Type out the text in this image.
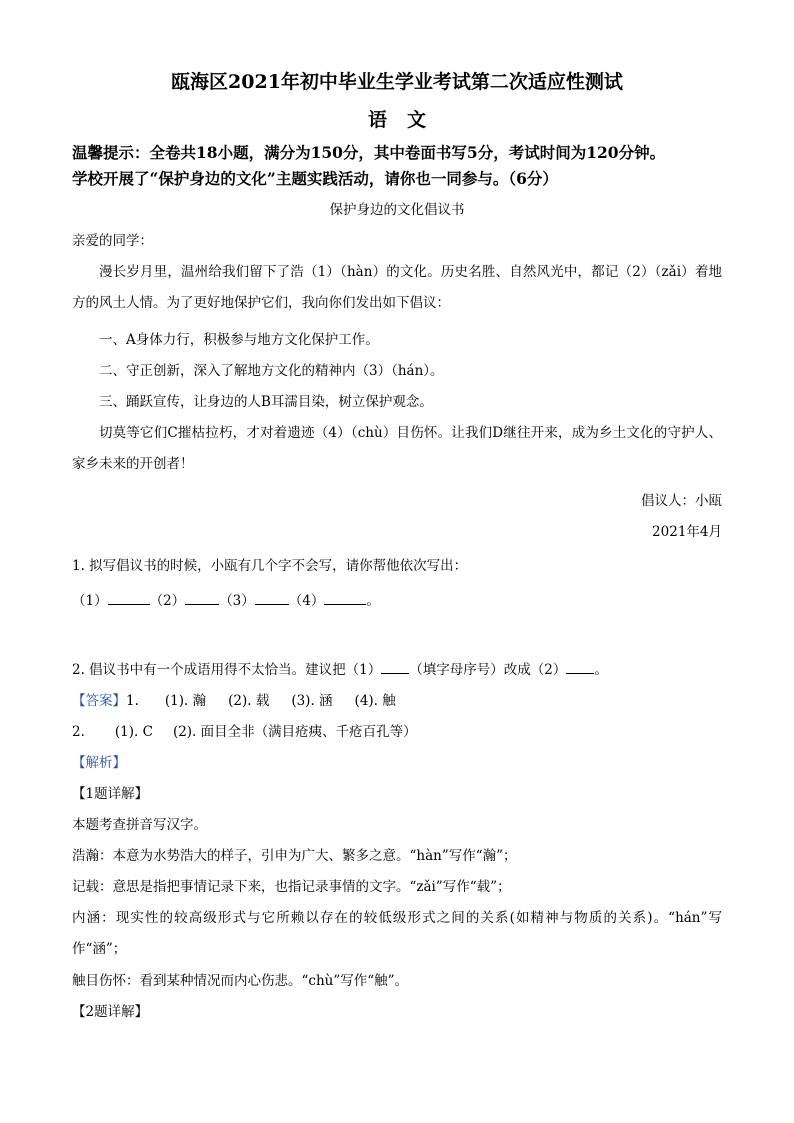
瓯海区2021年初中毕业生学业考试第二次适应性测试
语 文

温馨提示：全卷共18小题，满分为150分，其中卷面书写5分，考试时间为120分钟。

学校开展了“保护身边的文化”主题实践活动，请你也一同参与。（6分）

保护身边的文化倡议书

亲爱的同学：

漫长岁月里，温州给我们留下了浩（1）（hàn）的文化。历史名胜、自然风光中，都记（2）（zǎi）着地方的风土人情。为了更好地保护它们，我向你们发出如下倡议：

一、A身体力行，积极参与地方文化保护工作。

二、守正创新，深入了解地方文化的精神内（3）（hán）。

三、踊跃宣传，让身边的人B耳濡目染，树立保护观念。

切莫等它们C摧枯拉朽，才对着遗迹（4）（chù）目伤怀。让我们D继往开来，成为乡土文化的守护人、家乡未来的开创者！

倡议人：小瓯

2021年4月

1. 拟写倡议书的时候，小瓯有几个字不会写，请你帮他依次写出：

（1）	（2）	（3）	（4）	。

2. 倡议书中有一个成语用得不太恰当。建议把（1） （填字母序号）改成（2） 。

【答案】1. (1). 瀚 (2). 载 (3). 涵 (4). 触

2. (1). C (2). 面目全非（满目疮痍、千疮百孔等）

【解析】

【1题详解】

本题考查拼音写汉字。

浩瀚：本意为水势浩大的样子，引申为广大、繁多之意。“hàn”写作“瀚”；

记载：意思是指把事情记录下来，也指记录事情的文字。“zǎi”写作“载”；

内涵：现实性的较高级形式与它所赖以存在的较低级形式之间的关系(如精神与物质的关系)。“hán”写作“涵”；

触目伤怀：看到某种情况而内心伤悲。“chù”写作“触”。

【2题详解】
